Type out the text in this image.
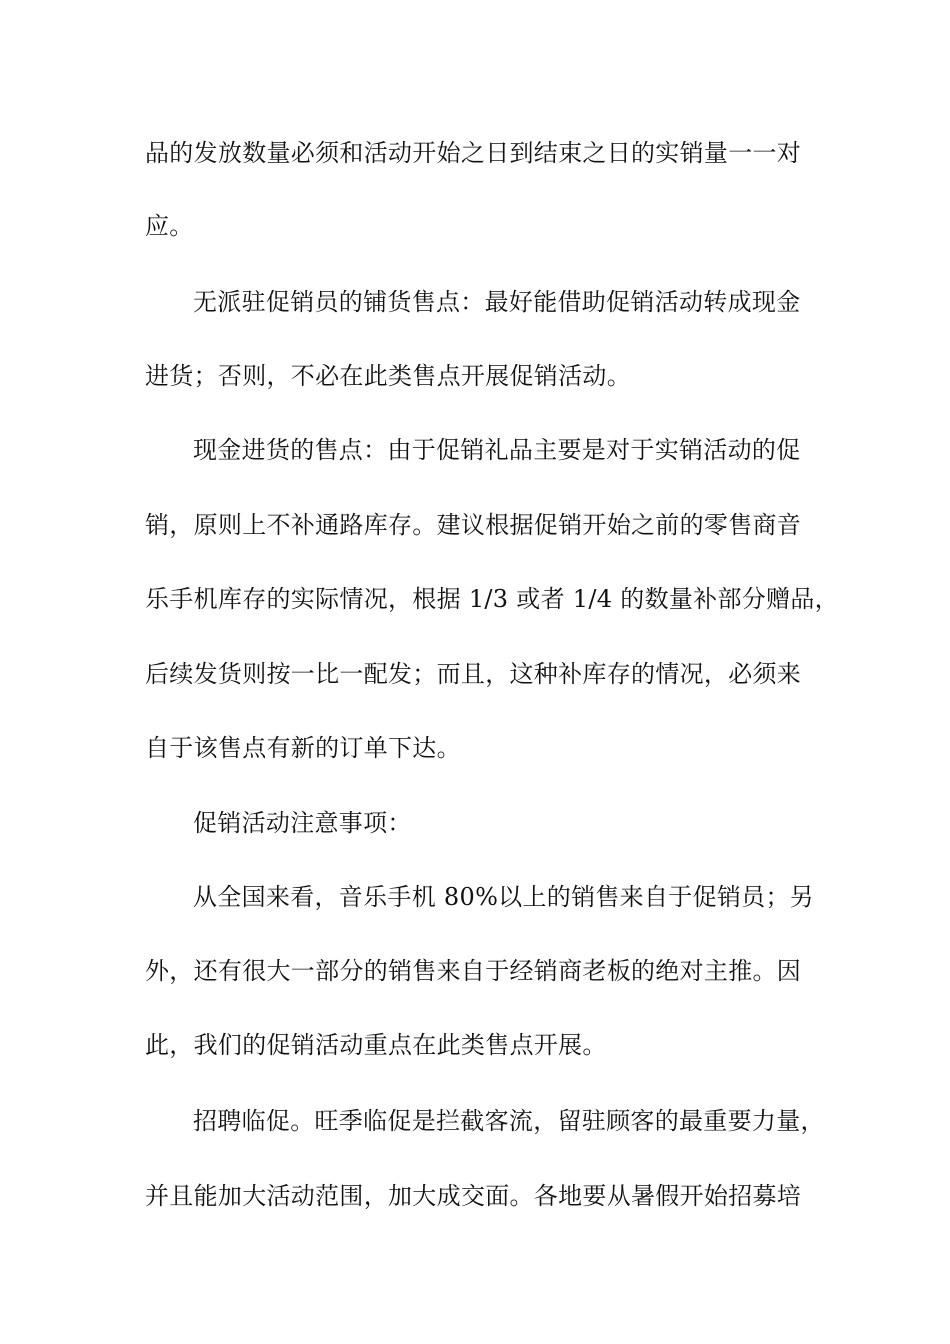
品的发放数量必须和活动开始之日到结束之日的实销量一一对
应。
无派驻促销员的铺货售点：最好能借助促销活动转成现金
进货；否则，不必在此类售点开展促销活动。
现金进货的售点：由于促销礼品主要是对于实销活动的促
销，原则上不补通路库存。建议根据促销开始之前的零售商音
乐手机库存的实际情况，根据 1/3 或者 1/4 的数量补部分赠品，
后续发货则按一比一配发；而且，这种补库存的情况，必须来
自于该售点有新的订单下达。
促销活动注意事项：
从全国来看，音乐手机 80%以上的销售来自于促销员；另
外，还有很大一部分的销售来自于经销商老板的绝对主推。因
此，我们的促销活动重点在此类售点开展。
招聘临促。旺季临促是拦截客流，留驻顾客的最重要力量，
并且能加大活动范围，加大成交面。各地要从暑假开始招募培
